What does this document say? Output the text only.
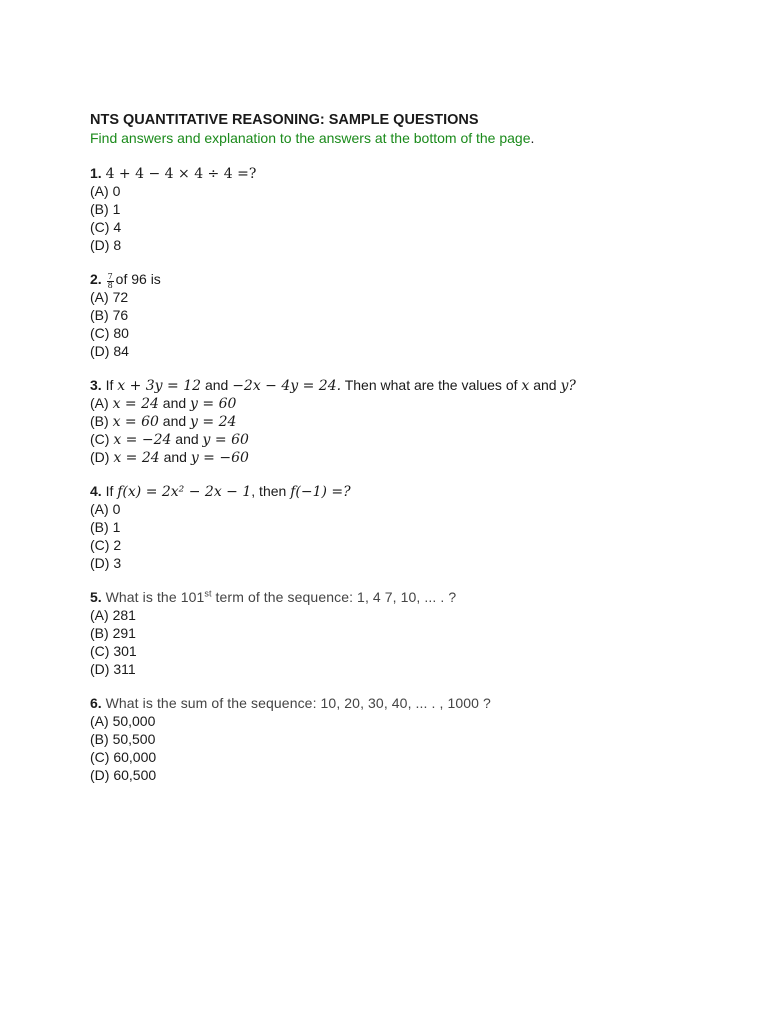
NTS QUANTITATIVE REASONING: SAMPLE QUESTIONS
Find answers and explanation to the answers at the bottom of the page.
1. 4 + 4 − 4 × 4 ÷ 4 =?
(A) 0
(B) 1
(C) 4
(D) 8
2. $\frac{7}{8}$ of 96 is
(A) 72
(B) 76
(C) 80
(D) 84
3. If x + 3y = 12 and −2x − 4y = 24. Then what are the values of x and y?
(A) x = 24 and y = 60
(B) x = 60 and y = 24
(C) x = −24 and y = 60
(D) x = 24 and y = −60
4. If f(x) = 2x² − 2x − 1, then f(−1) =?
(A) 0
(B) 1
(C) 2
(D) 3
5. What is the 101st term of the sequence: 1, 4 7, 10, ... . ?
(A) 281
(B) 291
(C) 301
(D) 311
6. What is the sum of the sequence: 10, 20, 30, 40, ... . , 1000 ?
(A) 50,000
(B) 50,500
(C) 60,000
(D) 60,500
